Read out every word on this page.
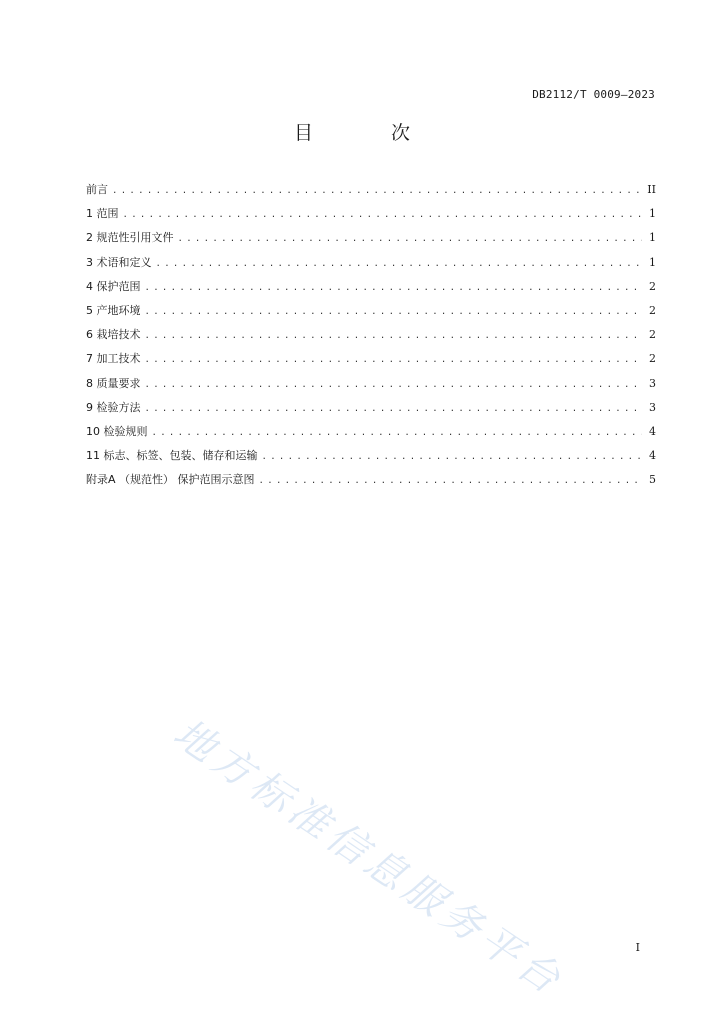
DB2112/T 0009—2023
目 次
前言 .....	II
1 范围 .....	1
2 规范性引用文件 .....	1
3 术语和定义 .....	1
4 保护范围 .....	2
5 产地环境 .....	2
6 栽培技术 .....	2
7 加工技术 .....	2
8 质量要求 .....	3
9 检验方法 .....	3
10 检验规则 .....	4
11 标志、标签、包装、储存和运输 .....	4
附录A （规范性） 保护范围示意图 .....	5
地方标准信息服务平台	I
